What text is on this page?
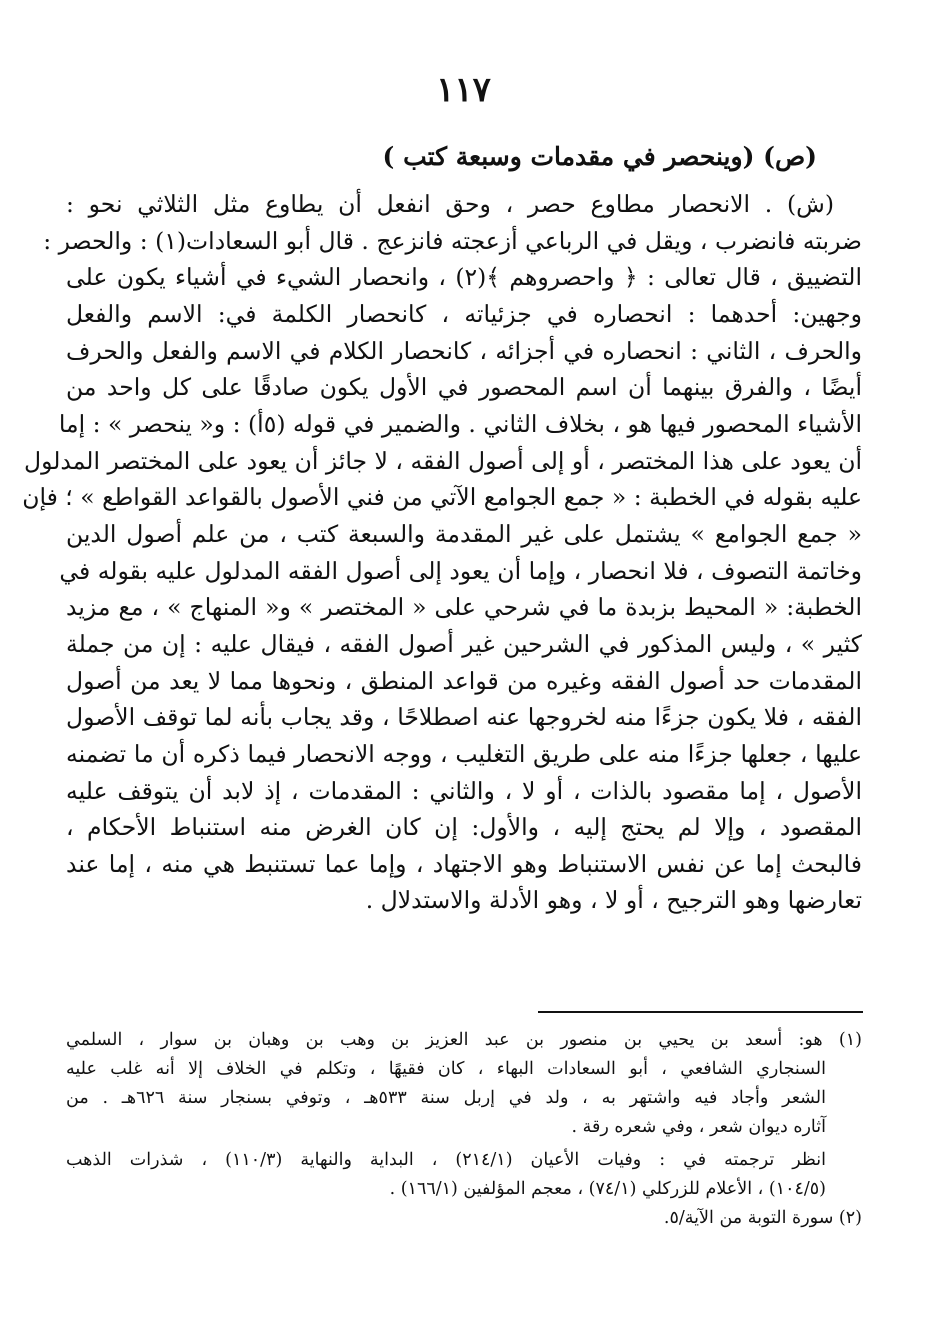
١١٧
(ص) (وينحصر في مقدمات وسبعة كتب )
(ش) . الانحصار مطاوع حصر ، وحق انفعل أن يطاوع مثل الثلاثي نحو :
ضربته فانضرب ، ويقل في الرباعي أزعجته فانزعج . قال أبو السعادات(١) : والحصر :
التضييق ، قال تعالى : ﴿ واحصروهم ﴾(٢) ، وانحصار الشيء في أشياء يكون على
وجهين: أحدهما : انحصاره في جزئياته ، كانحصار الكلمة في: الاسم والفعل
والحرف ، الثاني : انحصاره في أجزائه ، كانحصار الكلام في الاسم والفعل والحرف
أيضًا ، والفرق بينهما أن اسم المحصور في الأول يكون صادقًا على كل واحد من
الأشياء المحصور فيها هو ، بخلاف الثاني . والضمير في قوله (٥أ) : و« ينحصر » : إما
أن يعود على هذا المختصر ، أو إلى أصول الفقه ، لا جائز أن يعود على المختصر المدلول
عليه بقوله في الخطبة : « جمع الجوامع الآتي من فني الأصول بالقواعد القواطع » ؛ فإن
« جمع الجوامع » يشتمل على غير المقدمة والسبعة كتب ، من علم أصول الدين
وخاتمة التصوف ، فلا انحصار ، وإما أن يعود إلى أصول الفقه المدلول عليه بقوله في
الخطبة: « المحيط بزبدة ما في شرحي على « المختصر » و« المنهاج » ، مع مزيد
كثير » ، وليس المذكور في الشرحين غير أصول الفقه ، فيقال عليه : إن من جملة
المقدمات حد أصول الفقه وغيره من قواعد المنطق ، ونحوها مما لا يعد من أصول
الفقه ، فلا يكون جزءًا منه لخروجها عنه اصطلاحًا ، وقد يجاب بأنه لما توقف الأصول
عليها ، جعلها جزءًا منه على طريق التغليب ، ووجه الانحصار فيما ذكره أن ما تضمنه
الأصول ، إما مقصود بالذات ، أو لا ، والثاني : المقدمات ، إذ لابد أن يتوقف عليه
المقصود ، وإلا لم يحتج إليه ، والأول: إن كان الغرض منه استنباط الأحكام ،
فالبحث إما عن نفس الاستنباط وهو الاجتهاد ، وإما عما تستنبط هي منه ، إما عند
تعارضها وهو الترجيح ، أو لا ، وهو الأدلة والاستدلال .
(١) هو: أسعد بن يحيي بن منصور بن عبد العزيز بن وهب بن وهبان بن سوار ، السلمي
السنجاري الشافعي ، أبو السعادات البهاء ، كان فقيهًا ، وتكلم في الخلاف إلا أنه غلب عليه
الشعر وأجاد فيه واشتهر به ، ولد في إربل سنة ٥٣٣هـ ، وتوفي بسنجار سنة ٦٢٦هـ . من
آثاره ديوان شعر ، وفي شعره رقة .
انظر ترجمته في : وفيات الأعيان (٢١٤/١) ، البداية والنهاية (١١٠/٣) ، شذرات الذهب
(١٠٤/٥) ، الأعلام للزركلي (٧٤/١) ، معجم المؤلفين (١٦٦/١) .
(٢) سورة التوبة من الآية/٥.
